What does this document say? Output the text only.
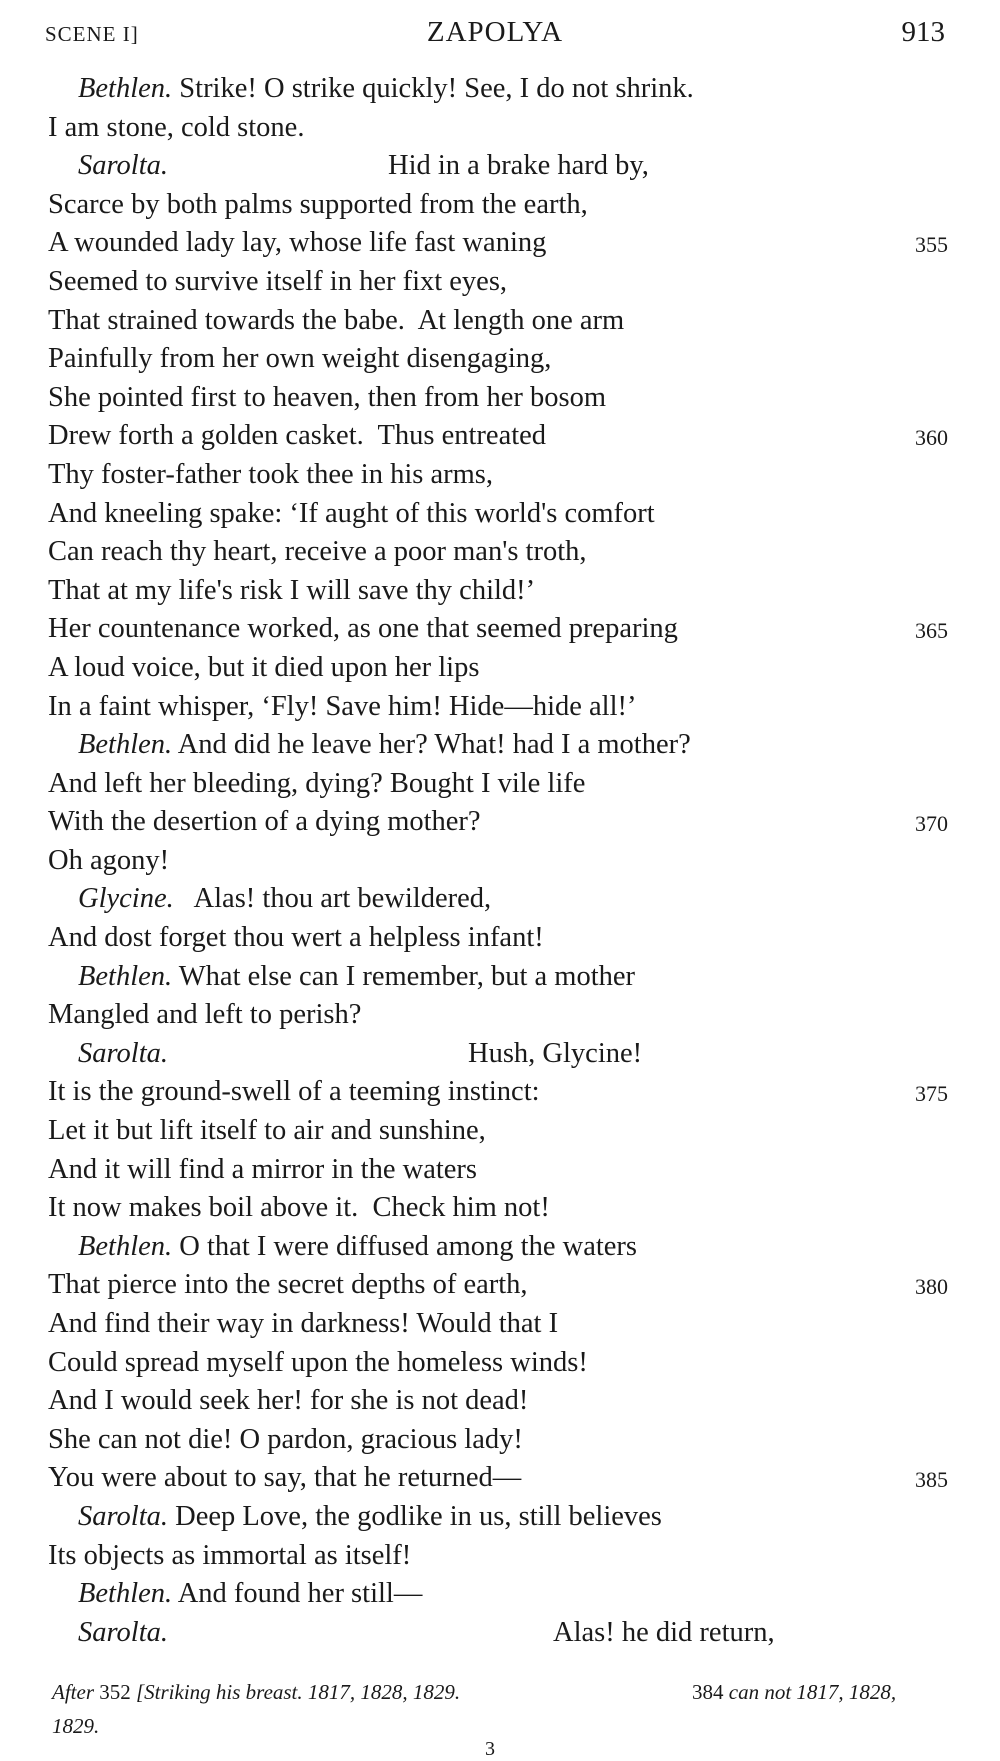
SCENE I]	ZAPOLYA	913
Bethlen. Strike! O strike quickly! See, I do not shrink.
I am stone, cold stone.
Sarolta.	Hid in a brake hard by,
Scarce by both palms supported from the earth,
A wounded lady lay, whose life fast waning	355
Seemed to survive itself in her fixt eyes,
That strained towards the babe.  At length one arm
Painfully from her own weight disengaging,
She pointed first to heaven, then from her bosom
Drew forth a golden casket.  Thus entreated	360
Thy foster-father took thee in his arms,
And kneeling spake: ‘If aught of this world's comfort
Can reach thy heart, receive a poor man's troth,
That at my life's risk I will save thy child!’
Her countenance worked, as one that seemed preparing	365
A loud voice, but it died upon her lips
In a faint whisper, ‘Fly! Save him! Hide—hide all!’
Bethlen. And did he leave her? What! had I a mother?
And left her bleeding, dying? Bought I vile life
With the desertion of a dying mother?	370
Oh agony!
Glycine.   Alas! thou art bewildered,
And dost forget thou wert a helpless infant!
Bethlen. What else can I remember, but a mother
Mangled and left to perish?
Sarolta.	Hush, Glycine!
It is the ground-swell of a teeming instinct:	375
Let it but lift itself to air and sunshine,
And it will find a mirror in the waters
It now makes boil above it.  Check him not!
Bethlen. O that I were diffused among the waters
That pierce into the secret depths of earth,	380
And find their way in darkness! Would that I
Could spread myself upon the homeless winds!
And I would seek her! for she is not dead!
She can not die! O pardon, gracious lady!
You were about to say, that he returned—	385
Sarolta. Deep Love, the godlike in us, still believes
Its objects as immortal as itself!
Bethlen. And found her still—
Sarolta.	Alas! he did return,
After 352 [Striking his breast. 1817, 1828, 1829.	384 can not 1817, 1828,
1829.
3
